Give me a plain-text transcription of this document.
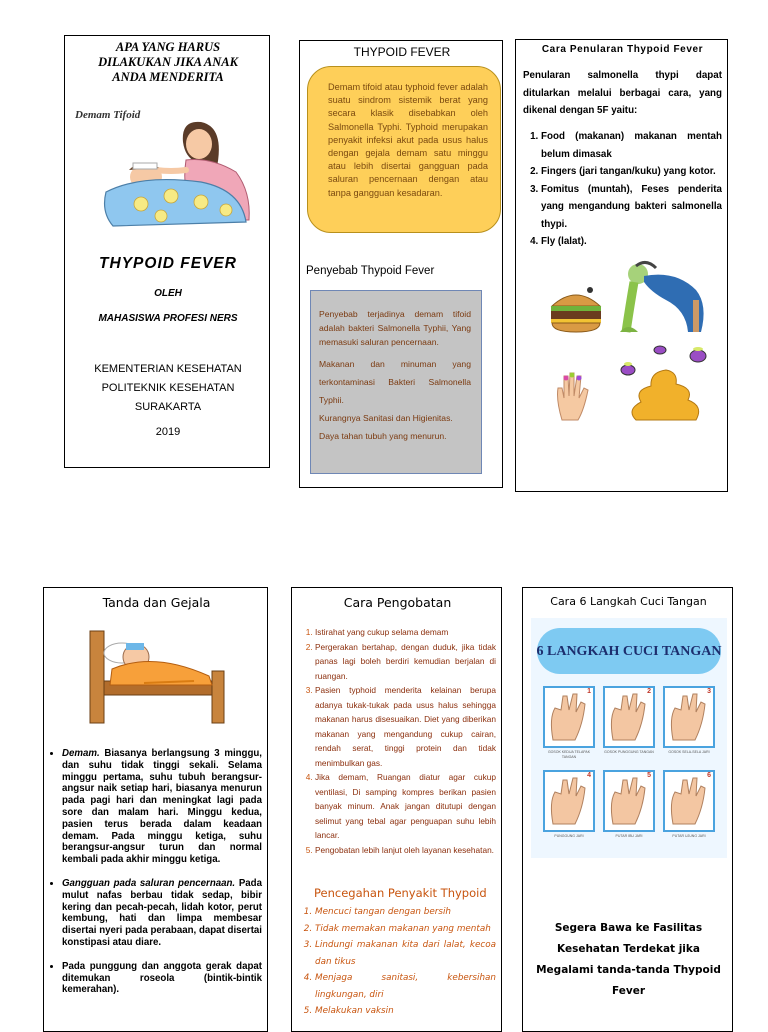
APA YANG HARUS
DILAKUKAN JIKA ANAK
ANDA MENDERITA
Demam Tifoid
THYPOID FEVER
OLEH
MAHASISWA PROFESI NERS
KEMENTERIAN KESEHATAN
POLITEKNIK KESEHATAN
SURAKARTA
2019
THYPOID FEVER

Demam tifoid atau typhoid fever adalah suatu sindrom sistemik berat yang secara klasik disebabkan oleh Salmonella Typhi. Typhoid merupakan penyakit infeksi akut pada usus halus dengan gejala demam satu minggu atau lebih disertai gangguan pada saluran pencernaan dengan atau tanpa gangguan kesadaran.

Penyebab Thypoid Fever

Penyebab terjadinya demam tifoid adalah bakteri Salmonella Typhii, Yang memasuki saluran pencernaan.

Makanan dan minuman yang terkontaminasi Bakteri Salmonella Typhii.

Kurangnya Sanitasi dan Higienitas.

Daya tahan tubuh yang menurun.

Cara Penularan Thypoid Fever

Penularan salmonella thypi dapat ditularkan melalui berbagai cara, yang dikenal dengan 5F yaitu:

1. Food (makanan) makanan mentah belum dimasak
2. Fingers (jari tangan/kuku) yang kotor.
3. Fomitus (muntah), Feses penderita yang mengandung bakteri salmonella thypi.
4. Fly (lalat).
Tanda dan Gejala
• Demam. Biasanya berlangsung 3 minggu, dan suhu tidak tinggi sekali. Selama minggu pertama, suhu tubuh berangsur-angsur naik setiap hari, biasanya menurun pada pagi hari dan meningkat lagi pada sore dan malam hari. Minggu kedua, pasien terus berada dalam keadaan demam. Pada minggu ketiga, suhu berangsur-angsur turun dan normal kembali pada akhir minggu ketiga.
• Gangguan pada saluran pencernaan. Pada mulut nafas berbau tidak sedap, bibir kering dan pecah-pecah, lidah kotor, perut kembung, hati dan limpa membesar disertai nyeri pada perabaan, dapat disertai konstipasi atau diare.
• Pada punggung dan anggota gerak dapat ditemukan roseola (bintik-bintik kemerahan).
Cara Pengobatan
1. Istirahat yang cukup selama demam
2. Pergerakan bertahap, dengan duduk, jika tidak panas lagi boleh berdiri kemudian berjalan di ruangan.
3. Pasien typhoid menderita kelainan berupa adanya tukak-tukak pada usus halus sehingga makanan harus disesuaikan. Diet yang diberikan makanan yang mengandung cukup cairan, rendah serat, tinggi protein dan tidak menimbulkan gas.
4. Jika demam, Ruangan diatur agar cukup ventilasi, Di samping kompres berikan pasien banyak minum. Anak jangan ditutupi dengan selimut yang tebal agar penguapan suhu lebih lancar.
5. Pengobatan lebih lanjut oleh layanan kesehatan.
Pencegahan Penyakit Thypoid
1. Mencuci tangan dengan bersih
2. Tidak memakan makanan yang mentah
3. Lindungi makanan kita dari lalat, kecoa dan tikus
4. Menjaga sanitasi, kebersihan lingkungan, diri
5. Melakukan vaksin
Cara 6 Langkah Cuci Tangan
6 LANGKAH CUCI TANGAN
1
GOSOK KEDUA TELAPAK TANGAN
2
GOSOK PUNGGUNG TANGAN
3
GOSOK SELA-SELA JARI
4
PUNGGUNG JARI
5
PUTAR IBU JARI
6
PUTAR UJUNG JARI
Segera Bawa ke Fasilitas Kesehatan Terdekat jika Megalami tanda-tanda Thypoid Fever
